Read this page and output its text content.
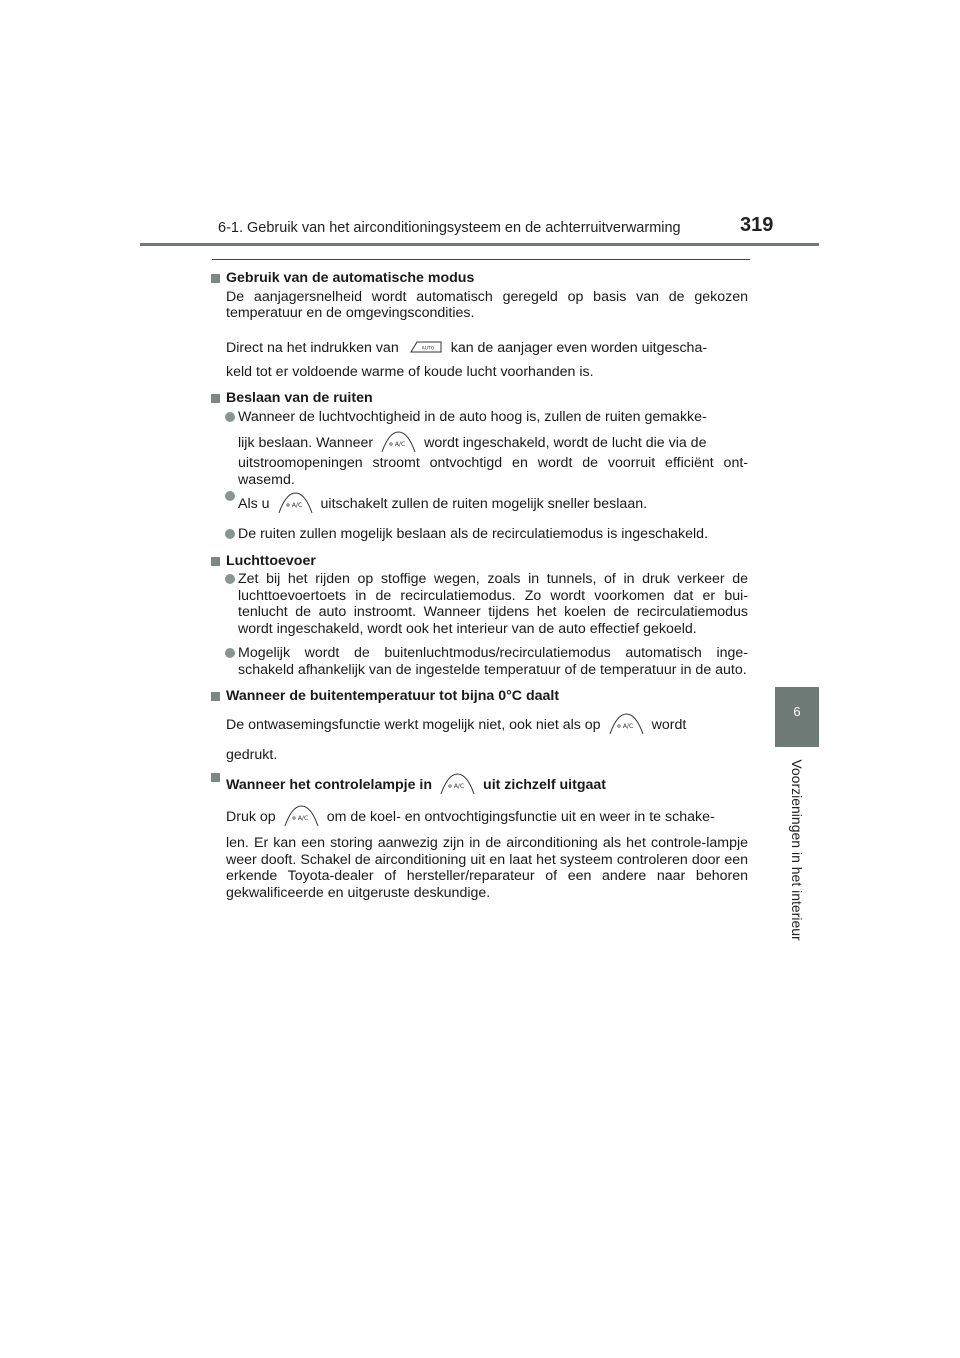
6-1. Gebruik van het airconditioningsysteem en de achterruitverwarming	319
6
Voorzieningen in het interieur
Gebruik van de automatische modus
De aanjagersnelheid wordt automatisch geregeld op basis van de gekozen temperatuur en de omgevingscondities.
Direct na het indrukken van	AUTO kan de aanjager even worden uitgescha-
keld tot er voldoende warme of koude lucht voorhanden is.
Beslaan van de ruiten
Wanneer de luchtvochtigheid in de auto hoog is, zullen de ruiten gemakke-
lijk beslaan. Wanneer	A/C wordt ingeschakeld, wordt de lucht die via de
uitstroomopeningen stroomt ontvochtigd en wordt de voorruit efficiënt ont-wasemd.
Als u	A/C uitschakelt zullen de ruiten mogelijk sneller beslaan.
De ruiten zullen mogelijk beslaan als de recirculatiemodus is ingeschakeld.
Luchttoevoer
Zet bij het rijden op stoffige wegen, zoals in tunnels, of in druk verkeer de luchttoevoertoets in de recirculatiemodus. Zo wordt voorkomen dat er bui-tenlucht de auto instroomt. Wanneer tijdens het koelen de recirculatiemodus wordt ingeschakeld, wordt ook het interieur van de auto effectief gekoeld.
Mogelijk wordt de buitenluchtmodus/recirculatiemodus automatisch inge-schakeld afhankelijk van de ingestelde temperatuur of de temperatuur in de auto.
Wanneer de buitentemperatuur tot bijna 0°C daalt
De ontwasemingsfunctie werkt mogelijk niet, ook niet als op	A/C wordt
gedrukt.
Wanneer het controlelampje in	A/C uit zichzelf uitgaat
Druk op	A/C om de koel- en ontvochtigingsfunctie uit en weer in te schake-
len. Er kan een storing aanwezig zijn in de airconditioning als het controle-lampje weer dooft. Schakel de airconditioning uit en laat het systeem controleren door een erkende Toyota-dealer of hersteller/reparateur of een andere naar behoren gekwalificeerde en uitgeruste deskundige.
